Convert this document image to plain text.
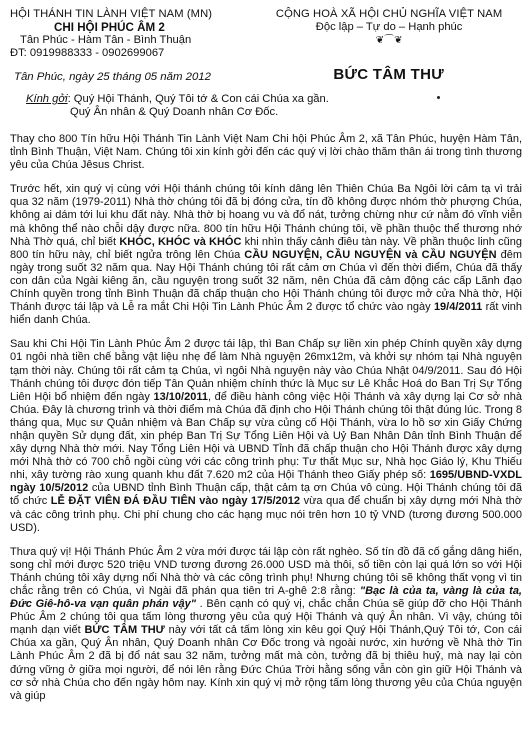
HỘI THÁNH TIN LÀNH VIỆT NAM (MN)
CHI HỘI PHÚC ÂM 2
Tân Phúc - Hàm Tân - Bình Thuận
ĐT: 0919988333 - 0902699067
CỘNG HOÀ XÃ HỘI CHỦ NGHĨA VIỆT NAM
Độc lập – Tự do – Hạnh phúc
❦⌒❦
Tân Phúc, ngày 25 tháng 05 năm 2012	BỨC TÂM THƯ
Kính gởi: Quý Hội Thánh, Quý Tôi tớ & Con cái Chúa xa gần.
Quý Ân nhân & Quý Doanh nhân Cơ Đốc.

Thay cho 800 Tín hữu Hội Thánh Tin Lành Việt Nam Chi hội Phúc Âm 2, xã Tân Phúc, huyện Hàm Tân, tỉnh Bình Thuận, Việt Nam. Chúng tôi xin kính gởi đến các quý vị lời chào thăm thân ái trong tình thương yêu của Chúa Jêsus Christ.

Trước hết, xin quý vị cùng với Hội thánh chúng tôi kính dâng lên Thiên Chúa Ba Ngôi lời cảm tạ vì trải qua 32 năm (1979-2011) Nhà thờ chúng tôi đã bị đóng cửa, tín đồ không được nhóm thờ phượng Chúa, không ai dám tới lui khu đất này. Nhà thờ bị hoang vu và đổ nát, tưởng chừng như cứ nằm đó vĩnh viễn mà không thể nào chỗi dậy được nữa. 800 tín hữu Hội Thánh chúng tôi, về phần thuộc thể thương nhớ Nhà Thờ quá, chỉ biết KHÓC, KHÓC và KHÓC khi nhìn thấy cảnh điêu tàn này. Về phần thuộc linh cũng 800 tín hữu này, chỉ biết ngửa trông lên Chúa CẦU NGUYỆN, CẦU NGUYỆN và CẦU NGUYỆN đêm ngày trong suốt 32 năm qua. Nay Hội Thánh chúng tôi rất cảm ơn Chúa vì đến thời điểm, Chúa đã thấy con dân của Ngài kiêng ăn, cầu nguyện trong suốt 32 năm, nên Chúa đã cảm động các cấp Lãnh đạo Chính quyền trong tỉnh Bình Thuận đã chấp thuận cho Hội Thánh chúng tôi được mở cửa Nhà thờ, Hội Thánh được tái lập và Lễ ra mắt Chi Hội Tin Lành Phúc Âm 2 được tổ chức vào ngày 19/4/2011 rất vinh hiển danh Chúa.

Sau khi Chi Hội Tin Lành Phúc Âm 2 được tái lập, thì Ban Chấp sự liền xin phép Chính quyền xây dựng 01 ngôi nhà tiền chế bằng vật liệu nhẹ để làm Nhà nguyện 26mx12m, và khởi sự nhóm tại Nhà nguyện tạm thời này. Chúng tôi rất cảm tạ Chúa, vì ngôi Nhà nguyện này vào Chúa Nhật 04/9/2011. Sau đó Hội Thánh chúng tôi được đón tiếp Tân Quản nhiệm chính thức là Mục sư Lê Khắc Hoá do Ban Trị Sự Tổng Liên Hội bổ nhiệm đến ngày 13/10/2011, để điều hành công việc Hội Thánh và xây dựng lại Cơ sở nhà Chúa. Đây là chương trình và thời điểm mà Chúa đã định cho Hội Thánh chúng tôi thật đúng lúc. Trong 8 tháng qua, Mục sư Quản nhiệm và Ban Chấp sự vừa củng cố Hội Thánh, vừa lo hồ sơ xin Giấy Chứng nhận quyền Sử dụng đất, xin phép Ban Trị Sự Tổng Liên Hội và Uỷ Ban Nhân Dân tỉnh Bình Thuận để xây dựng Nhà thờ mới. Nay Tổng Liên Hội và UBND Tỉnh đã chấp thuận cho Hội Thánh được xây dựng mới Nhà thờ có 700 chỗ ngồi cùng với các công trình phụ: Tư thất Mục sư, Nhà học Giáo lý, Khu Thiếu nhi, xây tường rào xung quanh khu đất 7.620 m2 của Hội Thánh theo Giấy phép số: 1695/UBND-VXDL ngày 10/5/2012 của UBND tỉnh Bình Thuận cấp, thật cảm tạ ơn Chúa vô cùng. Hội Thánh chúng tôi đã tổ chức LỄ ĐẶT VIÊN ĐÁ ĐẦU TIÊN vào ngày 17/5/2012 vừa qua để chuẩn bị xây dựng mới Nhà thờ và các công trình phụ. Chi phí chung cho các hạng mục nói trên hơn 10 tỷ VND (tương đương 500.000 USD).

Thưa quý vị! Hội Thánh Phúc Âm 2 vừa mới được tái lập còn rất nghèo. Số tín đồ đã cố gắng dâng hiến, song chỉ mới được 520 triệu VND tương đương 26.000 USD mà thôi, số tiền còn lại quá lớn so với Hội Thánh chúng tôi xây dựng nổi Nhà thờ và các công trình phụ! Nhưng chúng tôi sẽ không thất vọng vì tin chắc rằng trên có Chúa, vì Ngài đã phán qua tiên tri A-ghê 2:8 rằng: "Bạc là của ta, vàng là của ta, Đức Giê-hô-va vạn quân phán vậy" . Bên cạnh có quý vị, chắc chắn Chúa sẽ giúp đỡ cho Hội Thánh Phúc Âm 2 chúng tôi qua tấm lòng thương yêu của quý Hội Thánh và quý Ân nhân. Vì vậy, chúng tôi mạnh dạn viết BỨC TÂM THƯ này với tất cả tấm lòng xin kêu gọi Quý Hội Thánh,Quý Tôi tớ, Con cái Chúa xa gần, Quý Ân nhân, Quý Doanh nhân Cơ Đốc trong và ngoài nước, xin hướng về Nhà thờ Tin Lành Phúc Âm 2 đã bị đổ nát sau 32 năm, tưởng mất mà còn, tưởng đã bị thiêu huỷ, mà nay lại còn đứng vững ở giữa mọi người, để nói lên rằng Đức Chúa Trời hằng sống vẫn còn gìn giữ Hội Thánh và cơ sở nhà Chúa cho đến ngày hôm nay. Kính xin quý vị mở rộng tấm lòng thương yêu của Chúa nguyện và giúp
